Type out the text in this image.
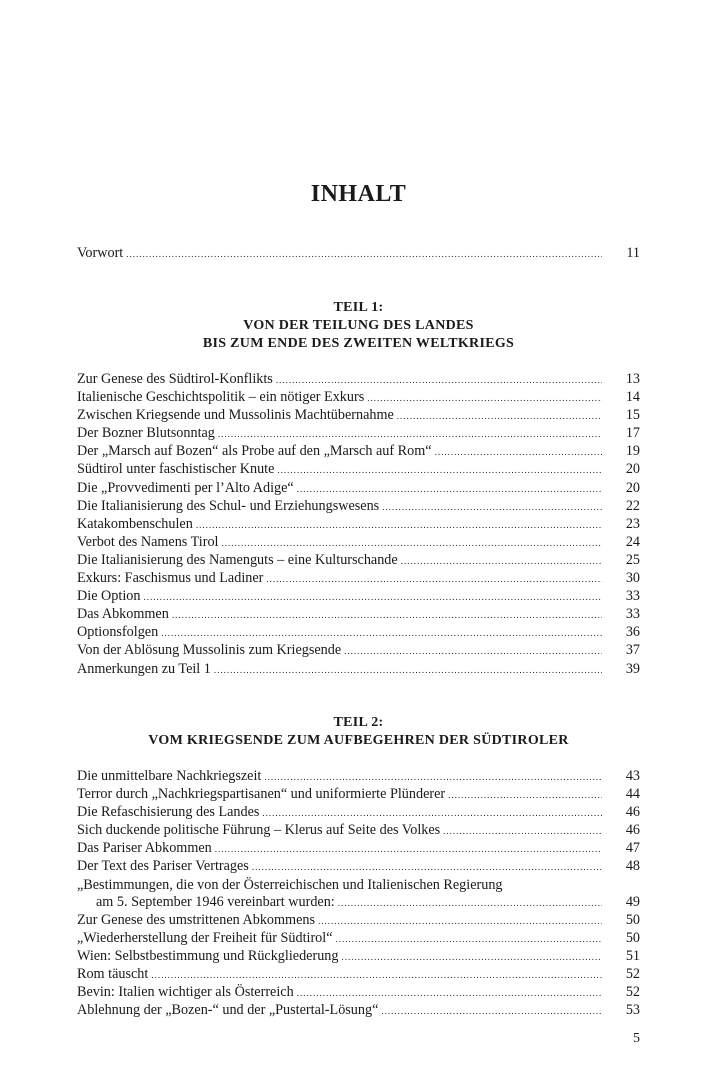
INHALT
Vorwort .....	11
TEIL 1:
VON DER TEILUNG DES LANDES
BIS ZUM ENDE DES ZWEITEN WELTKRIEGS
Zur Genese des Südtirol-Konflikts .....	13
Italienische Geschichtspolitik – ein nötiger Exkurs .....	14
Zwischen Kriegsende und Mussolinis Machtübernahme .....	15
Der Bozner Blutsonntag .....	17
Der „Marsch auf Bozen“ als Probe auf den „Marsch auf Rom“ .....	19
Südtirol unter faschistischer Knute .....	20
Die „Provvedimenti per l’Alto Adige“ .....	20
Die Italianisierung des Schul- und Erziehungswesens .....	22
Katakombenschulen .....	23
Verbot des Namens Tirol .....	24
Die Italianisierung des Namenguts – eine Kulturschande .....	25
Exkurs: Faschismus und Ladiner .....	30
Die Option .....	33
Das Abkommen .....	33
Optionsfolgen .....	36
Von der Ablösung Mussolinis zum Kriegsende .....	37
Anmerkungen zu Teil 1 .....	39
TEIL 2:
VOM KRIEGSENDE ZUM AUFBEGEHREN DER SÜDTIROLER
Die unmittelbare Nachkriegszeit .....	43
Terror durch „Nachkriegspartisanen“ und uniformierte Plünderer .....	44
Die Refaschisierung des Landes .....	46
Sich duckende politische Führung – Klerus auf Seite des Volkes .....	46
Das Pariser Abkommen .....	47
Der Text des Pariser Vertrages .....	48
„Bestimmungen, die von der Österreichischen und Italienischen Regierung
am 5. September 1946 vereinbart wurden: .....	49
Zur Genese des umstrittenen Abkommens .....	50
„Wiederherstellung der Freiheit für Südtirol“ .....	50
Wien: Selbstbestimmung und Rückgliederung .....	51
Rom täuscht .....	52
Bevin: Italien wichtiger als Österreich .....	52
Ablehnung der „Bozen-“ und der „Pustertal-Lösung“ .....	53
5
